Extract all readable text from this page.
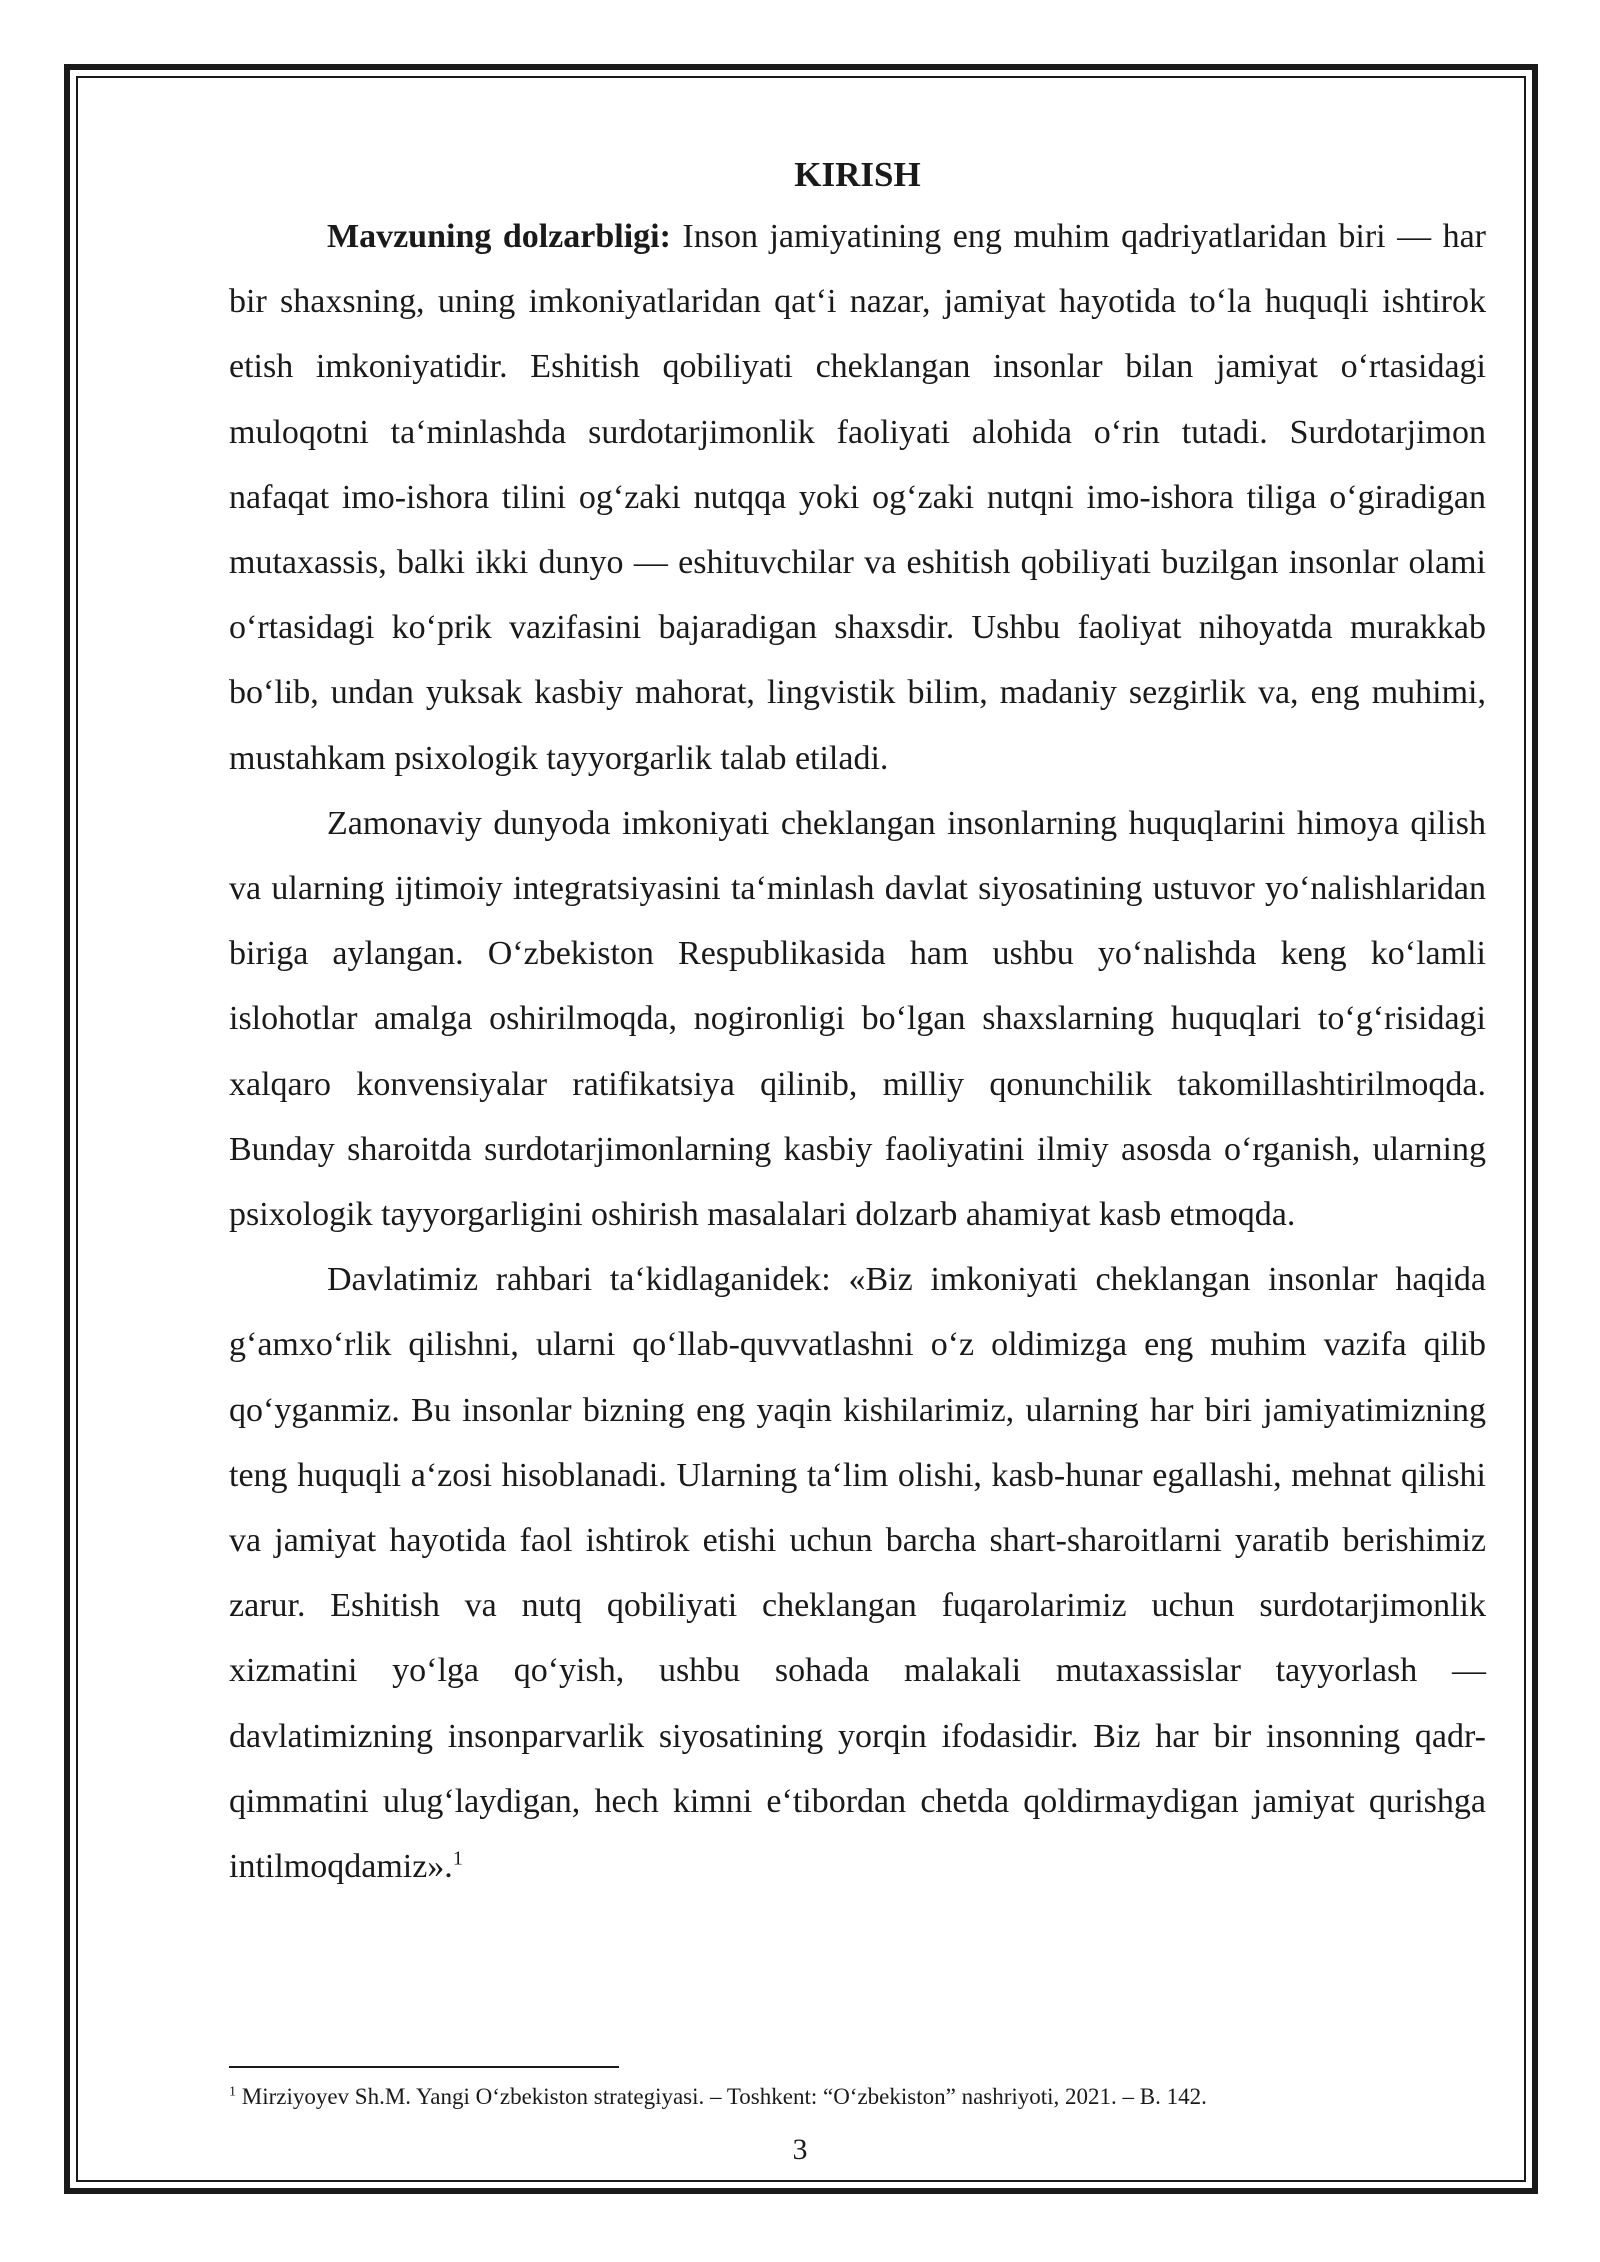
KIRISH

Mavzuning dolzarbligi: Inson jamiyatining eng muhim qadriyatlaridan biri — har bir shaxsning, uning imkoniyatlaridan qatʻi nazar, jamiyat hayotida toʻla huquqli ishtirok etish imkoniyatidir. Eshitish qobiliyati cheklangan insonlar bilan jamiyat oʻrtasidagi muloqotni taʻminlashda surdotarjimonlik faoliyati alohida oʻrin tutadi. Surdotarjimon nafaqat imo-ishora tilini ogʻzaki nutqqa yoki ogʻzaki nutqni imo-ishora tiliga oʻgiradigan mutaxassis, balki ikki dunyo — eshituvchilar va eshitish qobiliyati buzilgan insonlar olami oʻrtasidagi koʻprik vazifasini bajaradigan shaxsdir. Ushbu faoliyat nihoyatda murakkab boʻlib, undan yuksak kasbiy mahorat, lingvistik bilim, madaniy sezgirlik va, eng muhimi, mustahkam psixologik tayyorgarlik talab etiladi.

Zamonaviy dunyoda imkoniyati cheklangan insonlarning huquqlarini himoya qilish va ularning ijtimoiy integratsiyasini taʻminlash davlat siyosatining ustuvor yoʻnalishlaridan biriga aylangan. Oʻzbekiston Respublikasida ham ushbu yoʻnalishda keng koʻlamli islohotlar amalga oshirilmoqda, nogironligi boʻlgan shaxslarning huquqlari toʻgʻrisidagi xalqaro konvensiyalar ratifikatsiya qilinib, milliy qonunchilik takomillashtirilmoqda. Bunday sharoitda surdotarjimonlarning kasbiy faoliyatini ilmiy asosda oʻrganish, ularning psixologik tayyorgarligini oshirish masalalari dolzarb ahamiyat kasb etmoqda.

Davlatimiz rahbari taʻkidlaganidek: «Biz imkoniyati cheklangan insonlar haqida gʻamxoʻrlik qilishni, ularni qoʻllab-quvvatlashni oʻz oldimizga eng muhim vazifa qilib qoʻyganmiz. Bu insonlar bizning eng yaqin kishilarimiz, ularning har biri jamiyatimizning teng huquqli aʻzosi hisoblanadi. Ularning taʻlim olishi, kasb-hunar egallashi, mehnat qilishi va jamiyat hayotida faol ishtirok etishi uchun barcha shart-sharoitlarni yaratib berishimiz zarur. Eshitish va nutq qobiliyati cheklangan fuqarolarimiz uchun surdotarjimonlik xizmatini yoʻlga qoʻyish, ushbu sohada malakali mutaxassislar tayyorlash — davlatimizning insonparvarlik siyosatining yorqin ifodasidir. Biz har bir insonning qadr-qimmatini ulugʻlaydigan, hech kimni eʻtibordan chetda qoldirmaydigan jamiyat qurishga intilmoqdamiz».$^1$

$^1$ Mirziyoyev Sh.M. Yangi Oʻzbekiston strategiyasi. – Toshkent: “Oʻzbekiston” nashriyoti, 2021. – B. 142.

3
